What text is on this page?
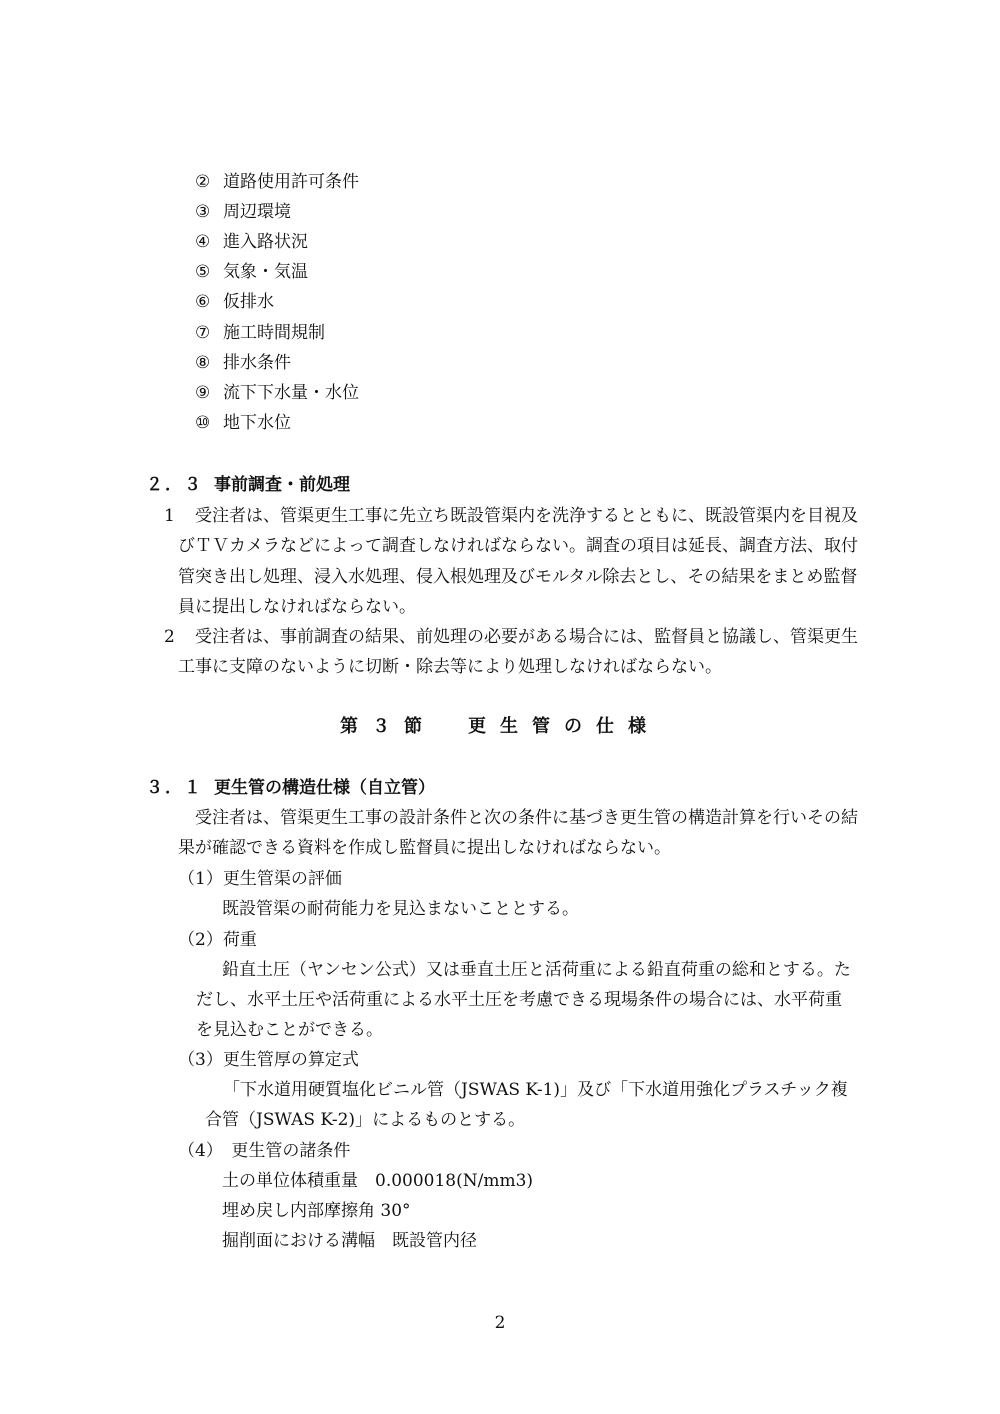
② 道路使用許可条件
③ 周辺環境
④ 進入路状況
⑤ 気象・気温
⑥ 仮排水
⑦ 施工時間規制
⑧ 排水条件
⑨ 流下下水量・水位
⑩ 地下水位
２．３ 事前調査・前処理
1	受注者は、管渠更生工事に先立ち既設管渠内を洗浄するとともに、既設管渠内を目視及びＴＶカメラなどによって調査しなければならない。調査の項目は延長、調査方法、取付管突き出し処理、浸入水処理、侵入根処理及びモルタル除去とし、その結果をまとめ監督員に提出しなければならない。
2	受注者は、事前調査の結果、前処理の必要がある場合には、監督員と協議し、管渠更生工事に支障のないように切断・除去等により処理しなければならない。
第３節　更生管の仕様
３．１ 更生管の構造仕様（自立管）
受注者は、管渠更生工事の設計条件と次の条件に基づき更生管の構造計算を行いその結果が確認できる資料を作成し監督員に提出しなければならない。
（1）更生管渠の評価
既設管渠の耐荷能力を見込まないこととする。
（2）荷重
鉛直土圧（ヤンセン公式）又は垂直土圧と活荷重による鉛直荷重の総和とする。ただし、水平土圧や活荷重による水平土圧を考慮できる現場条件の場合には、水平荷重を見込むことができる。
（3）更生管厚の算定式
「下水道用硬質塩化ビニル管（JSWAS K-1)」及び「下水道用強化プラスチック複合管（JSWAS K-2)」によるものとする。
（4）　更生管の諸条件
土の単位体積重量　0.000018(N/mm3)
埋め戻し内部摩擦角 30°
掘削面における溝幅　既設管内径
2
